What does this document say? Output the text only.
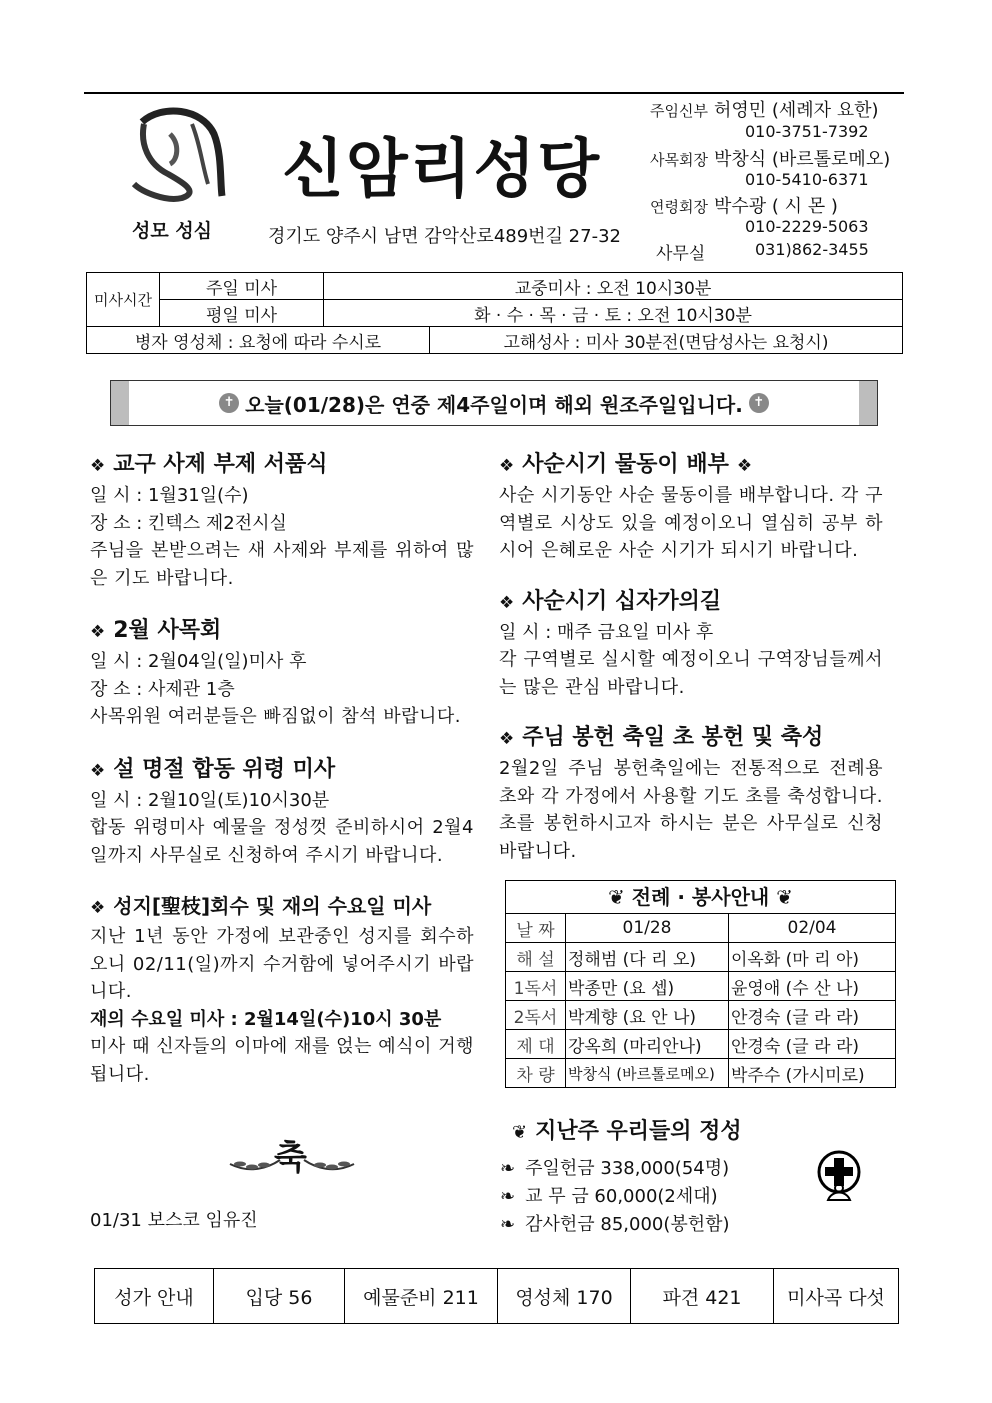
성모 성심
신암리성당
경기도 양주시 남면 감악산로489번길 27-32
주임신부 허영민 (세례자 요한)
010-3751-7392
사목회장 박창식 (바르톨로메오)
010-5410-6371
연령회장 박수광 ( 시 몬 )
010-2229-5063
사무실	031)862-3455
미사시간	주일 미사	교중미사 : 오전 10시30분	
	평일 미사	화 · 수 · 목 · 금 · 토 : 오전 10시30분	
병자 영성체 : 요청에 따라 수시로			고해성사 : 미사 30분전(면담성사는 요청시)
✝ 오늘(01/28)은 연중 제4주일이며 해외 원조주일입니다. ✝
❖ 교구 사제 부제 서품식
일 시 : 1월31일(수)
장 소 : 킨텍스 제2전시실
주님을 본받으려는 새 사제와 부제를 위하여 많은 기도 바랍니다.
❖ 2월 사목회
일 시 : 2월04일(일)미사 후
장 소 : 사제관 1층
사목위원 여러분들은 빠짐없이 참석 바랍니다.
❖ 설 명절 합동 위령 미사
일 시 : 2월10일(토)10시30분
합동 위령미사 예물을 정성껏 준비하시어 2월4일까지 사무실로 신청하여 주시기 바랍니다.
❖ 성지[聖枝]회수 및 재의 수요일 미사
지난 1년 동안 가정에 보관중인 성지를 회수하오니 02/11(일)까지 수거함에 넣어주시기 바랍니다.
재의 수요일 미사 : 2월14일(수)10시 30분
미사 때 신자들의 이마에 재를 얹는 예식이 거행됩니다.
축
01/31 보스코 임유진
❖ 사순시기 물동이 배부 ❖
사순 시기동안 사순 물동이를 배부합니다. 각 구역별로 시상도 있을 예정이오니 열심히 공부 하시어 은혜로운 사순 시기가 되시기 바랍니다.
❖ 사순시기 십자가의길
일 시 : 매주 금요일 미사 후
각 구역별로 실시할 예정이오니 구역장님들께서는 많은 관심 바랍니다.
❖ 주님 봉헌 축일 초 봉헌 및 축성
2월2일 주님 봉헌축일에는 전통적으로 전례용 초와 각 가정에서 사용할 기도 초를 축성합니다. 초를 봉헌하시고자 하시는 분은 사무실로 신청바랍니다.
❦ 전례 · 봉사안내 ❦
날 짜	01/28	02/04
해 설	정해범 (다 리 오)	이옥화 (마 리 아)
1독서	박종만 (요 셉)	윤영애 (수 산 나)
2독서	박계향 (요 안 나)	안경숙 (글 라 라)
제 대	강옥희 (마리안나)	안경숙 (글 라 라)
차 량	박창식 (바르톨로메오)	박주수 (가시미로)
❦ 지난주 우리들의 정성
❧ 주일헌금 338,000(54명)
❧ 교 무 금 60,000(2세대)
❧ 감사헌금 85,000(봉헌함)
성가 안내	입당 56	예물준비 211	영성체 170	파견 421	미사곡 다섯
